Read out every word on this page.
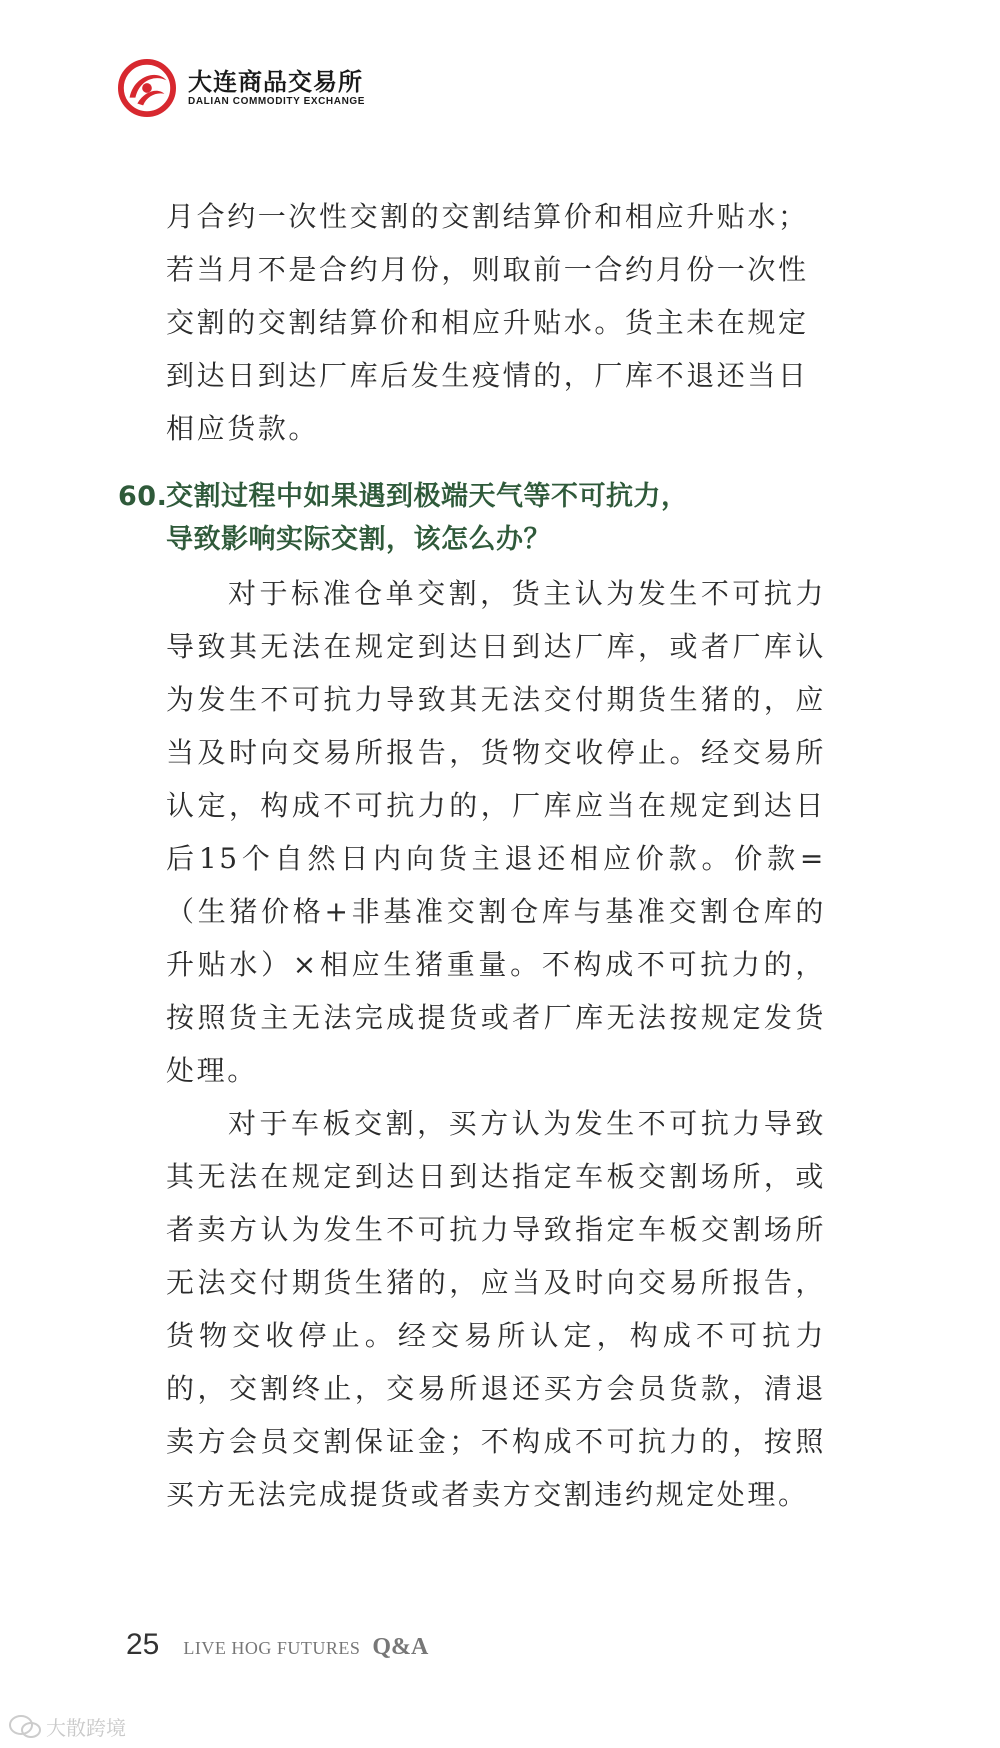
大连商品交易所
DALIAN COMMODITY EXCHANGE

月合约一次性交割的交割结算价和相应升贴水；

若当月不是合约月份，则取前一合约月份一次性

交割的交割结算价和相应升贴水。货主未在规定

到达日到达厂库后发生疫情的，厂库不退还当日

相应货款。

60.
交割过程中如果遇到极端天气等不可抗力，
导致影响实际交割，该怎么办？

对于标准仓单交割，货主认为发生不可抗力导致其无法在规定到达日到达厂库，或者厂库认为发生不可抗力导致其无法交付期货生猪的，应当及时向交易所报告，货物交收停止。经交易所认定，构成不可抗力的，厂库应当在规定到达日后15个自然日内向货主退还相应价款。价款=（生猪价格+非基准交割仓库与基准交割仓库的升贴水）×相应生猪重量。不构成不可抗力的，按照货主无法完成提货或者厂库无法按规定发货处理。

对于车板交割，买方认为发生不可抗力导致其无法在规定到达日到达指定车板交割场所，或者卖方认为发生不可抗力导致指定车板交割场所无法交付期货生猪的，应当及时向交易所报告，货物交收停止。经交易所认定，构成不可抗力的，交割终止，交易所退还买方会员货款，清退卖方会员交割保证金；不构成不可抗力的，按照买方无法完成提货或者卖方交割违约规定处理。

25 LIVE HOG FUTURES Q&A
大散跨境
